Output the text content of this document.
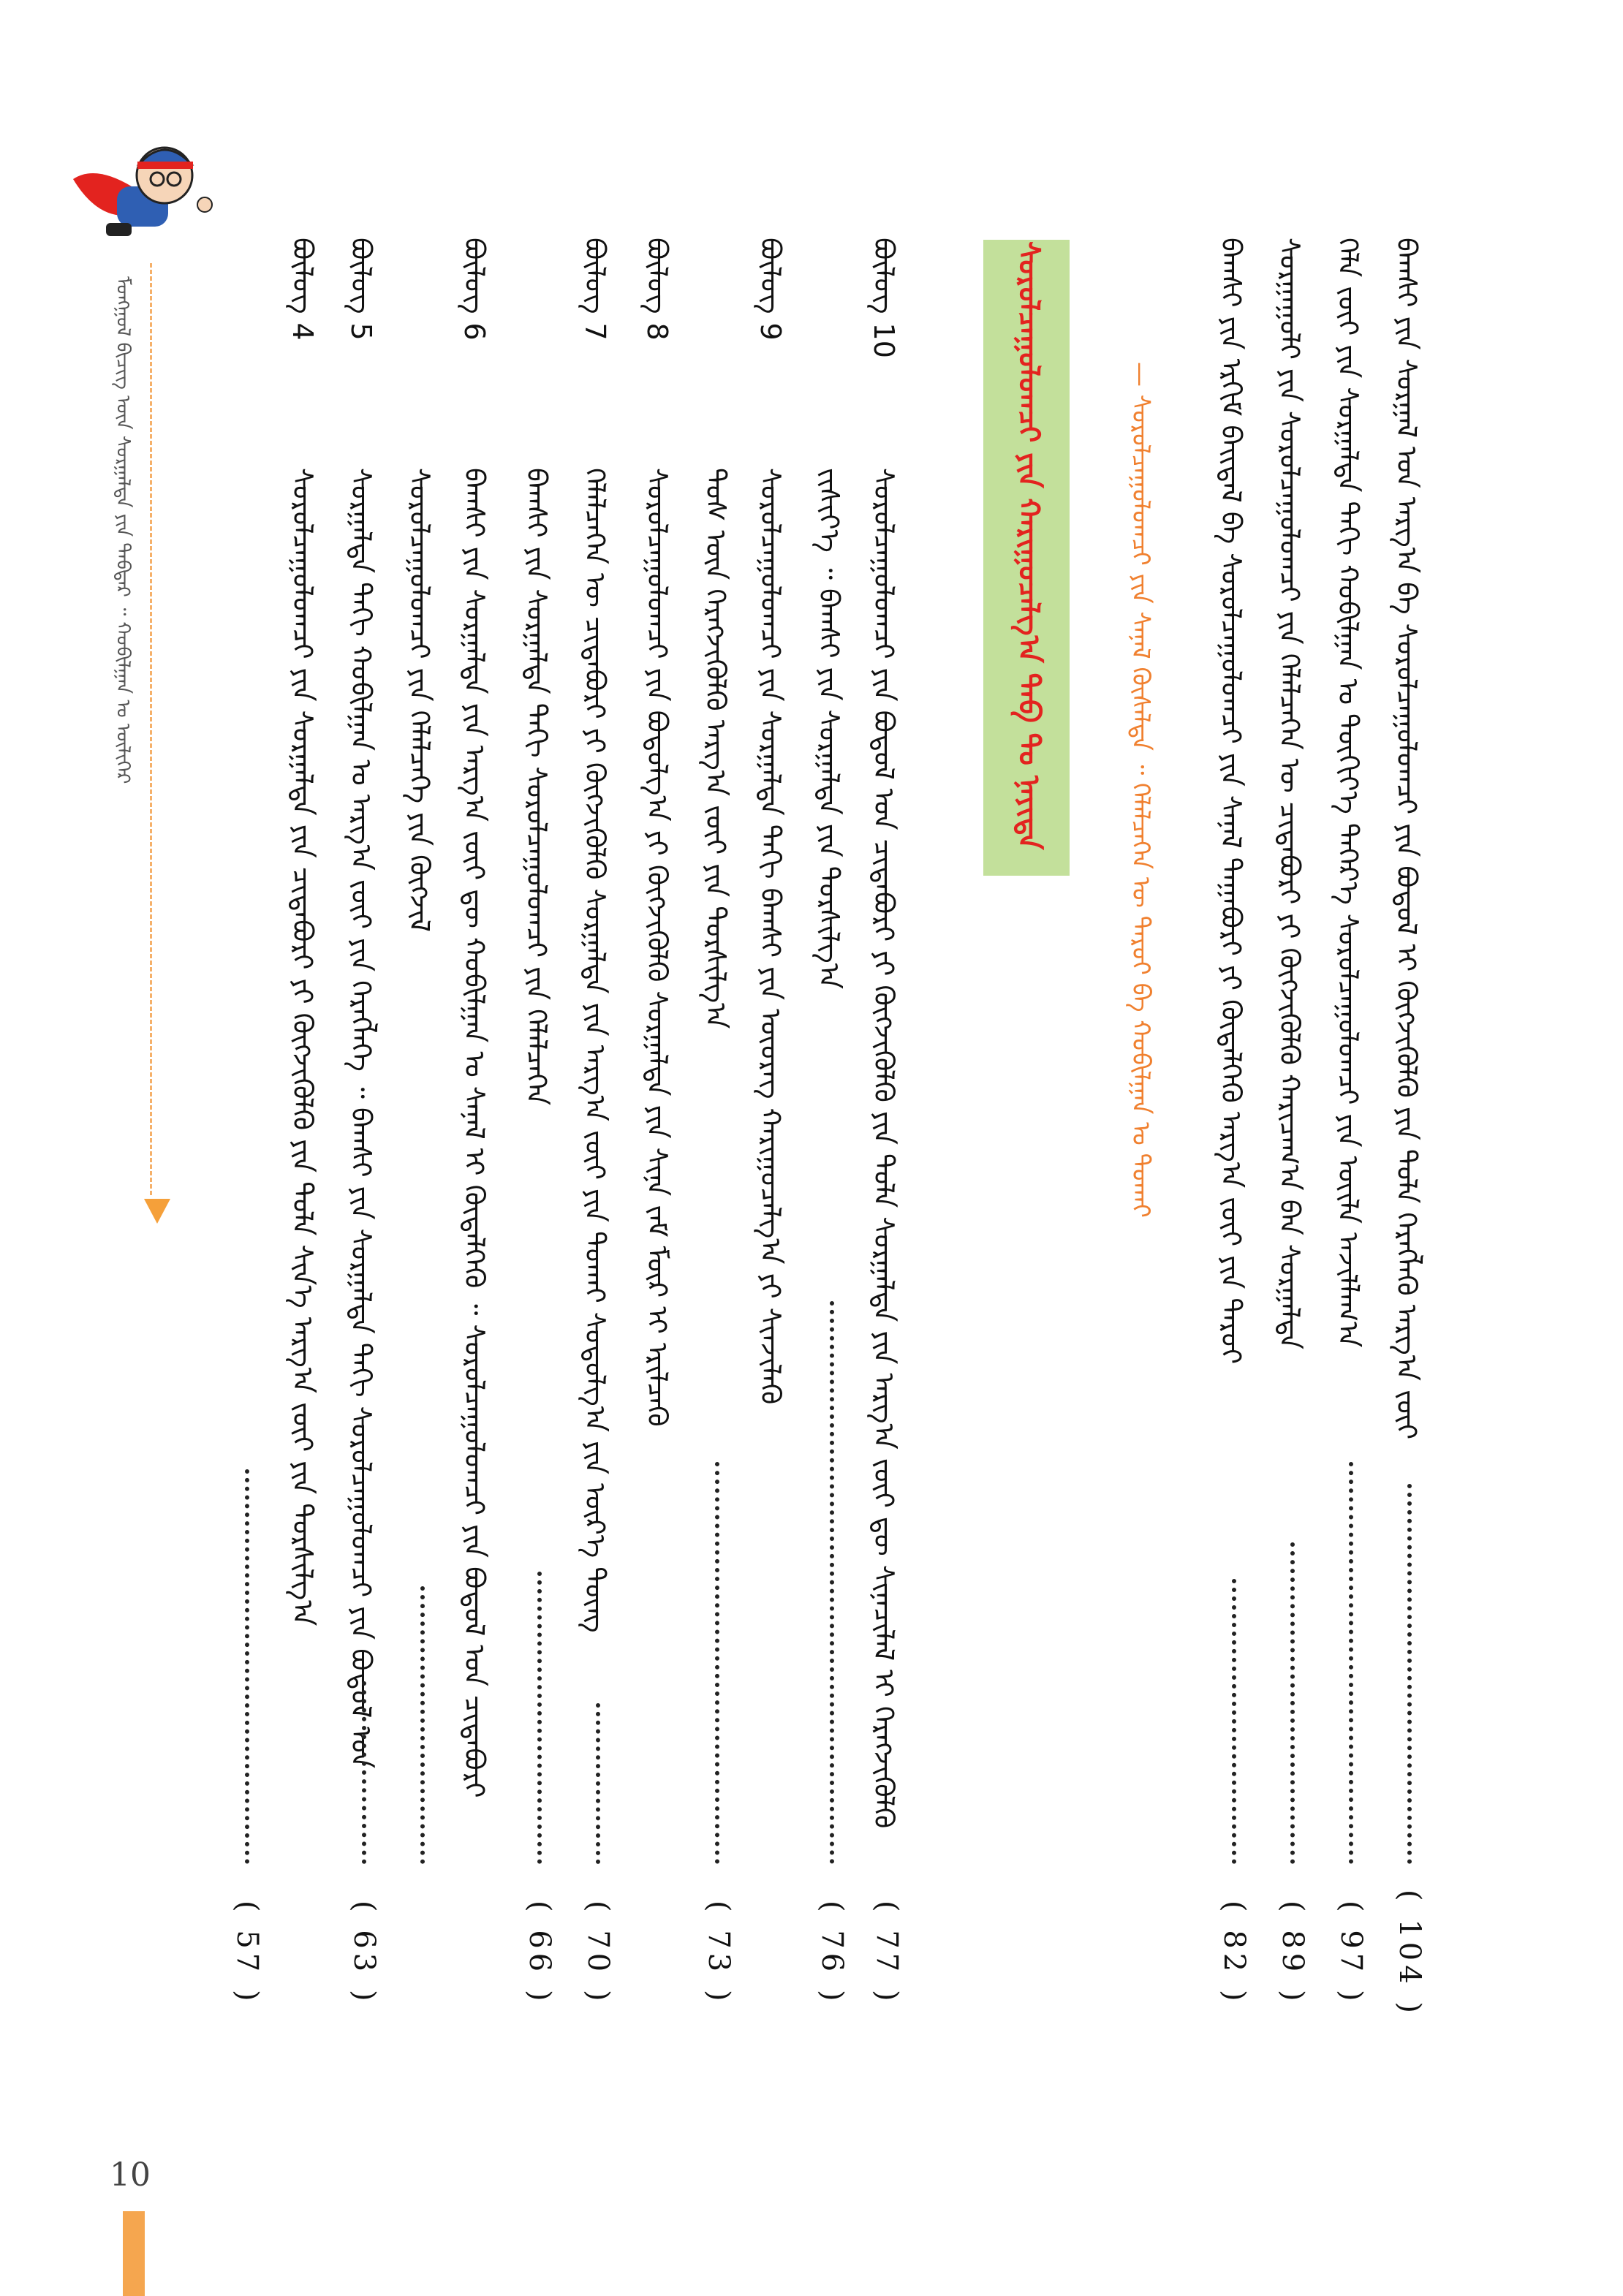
ᠮᠣᠩᠭᠣᠯ ᠪᠢᠴᠢᠭ᠌ ᠦᠨ ᠰᠤᠷᠭᠠᠯᠲᠠ ᠶᠢᠨ ᠳᠡᠪᠲᠡᠷ ᠃ ᠬᠤᠪᠢᠯᠭᠠᠨ ᠤ ᠦᠯᠢᠭᠡᠷ
10
ᠰᠤᠷᠤᠯᠴᠠᠭᠤᠯᠤᠭᠴᠢ ᠶᠢᠨ ᠬᠠᠷᠢᠭᠤᠴᠠᠯᠭ᠎ᠠ ᠲᠠᠪ ᠲᠤ ᠨᠡᠶᠢᠲᠡ	— ᠰᠤᠷᠤᠯᠴᠠᠭᠤᠯᠤᠭᠴᠢ ᠶᠢᠨ ᠰᠠᠨᠠᠯ ᠬᠦᠰᠡᠯᠲᠡ ᠃ ᠬᠡᠯᠡᠯᠴᠡᠭᠡᠨ ᠦ ᠳᠠᠷᠤᠢ ᠪᠠ ᠬᠤᠪᠢᠯᠭᠠᠨ ᠤ ᠲᠤᠬᠠᠢ	ᠪᠠᠭᠰᠢ ᠶᠢᠨ ᠰᠤᠷᠭᠠᠯ ᠤᠨ ᠠᠷᠭ᠎ᠠ ᠪᠠ ᠰᠤᠷᠤᠯᠴᠠᠭᠤᠯᠤᠭᠴᠢ ᠶᠢᠨ ᠪᠤᠳᠤᠯ ᠢ ᠬᠥᠭᠵᠢᠭᠦᠯᠬᠦ ᠶᠢᠨ ᠲᠤᠯᠠ ᠬᠡᠷᠡᠭᠯᠡᠬᠦ ᠠᠷᠭ᠎ᠠ ᠵᠦᠢ
( 104 )
ᠬᠡᠯᠡ ᠵᠦᠢ ᠶᠢᠨ ᠰᠤᠷᠭᠠᠯᠲᠠ ᠳᠠᠬᠢ ᠬᠤᠪᠢᠯᠭᠠᠨ ᠤ ᠲᠦᠬᠢᠶ᠎ᠡ ᠳᠡᠭᠡᠷ᠎ᠡ ᠰᠤᠷᠤᠯᠴᠠᠭᠤᠯᠤᠭᠴᠢ ᠶᠢᠨ ᠦᠢᠯᠡ ᠠᠵᠢᠯᠯᠠᠭ᠎ᠠ
( 97 )
ᠰᠤᠷᠭᠠᠭᠤᠯᠢ ᠶᠢᠨ ᠰᠤᠷᠤᠯᠴᠠᠭᠤᠯᠤᠭᠴᠢ ᠶᠢᠨ ᠬᠡᠯᠡᠯᠴᠡᠭᠡᠨ ᠦ ᠴᠢᠳᠠᠪᠤᠷᠢ ᠶᠢ ᠬᠥᠭᠵᠢᠭᠦᠯᠬᠦ ᠬᠠᠷᠢᠴᠠᠭ᠎ᠠ ᠪᠠᠨ ᠰᠤᠷᠭᠠᠯᠲᠠ
( 89 )
ᠪᠠᠭᠰᠢ ᠶᠢᠨ ᠡᠷᠬᠢᠮ ᠪᠠᠢᠳᠠᠯ ᠪᠠ ᠰᠤᠷᠤᠯᠴᠠᠭᠤᠯᠤᠭᠴᠢ ᠶᠢᠨ ᠰᠠᠨᠠᠯ ᠳᠠᠭᠠᠪᠤᠷᠢ ᠶᠢ ᠬᠥᠳᠡᠯᠭᠡᠬᠦ ᠠᠷᠭ᠎ᠠ ᠵᠦᠢ ᠶᠢᠨ ᠳᠠᠷᠤᠢ
( 82 )
ᠪᠦᠯᠦᠭ 10
ᠰᠤᠷᠤᠯᠴᠠᠭᠤᠯᠤᠭᠴᠢ ᠶᠢᠨ ᠪᠤᠳᠤᠯ ᠤᠨ ᠴᠢᠳᠠᠪᠤᠷᠢ ᠶᠢ ᠬᠥᠭᠵᠢᠭᠦᠯᠬᠦ ᠶᠢᠨ ᠲᠤᠯᠠ ᠰᠤᠷᠭᠠᠯᠲᠠ ᠶᠢᠨ ᠠᠷᠭ᠎ᠠ ᠵᠦᠢ ᠳᠦ ᠰᠢᠨᠡᠴᠢᠯᠡᠯ ᠢ ᠬᠡᠷᠡᠭᠵᠢᠭᠦᠯᠬᠦ
ᠵᠢᠱᠢᠶ᠎ᠡ ᠃ ᠪᠠᠭᠰᠢ ᠶᠢᠨ ᠰᠤᠷᠭᠠᠯᠲᠠ ᠶᠢᠨ ᠲᠤᠷᠰᠢᠯᠭ᠎ᠠ
( 77 )
( 76 )
ᠪᠦᠯᠦᠭ 9
ᠰᠤᠷᠤᠯᠴᠠᠭᠤᠯᠤᠭᠴᠢ ᠶᠢᠨ ᠰᠤᠷᠭᠠᠯᠲᠠ ᠳᠠᠬᠢ ᠪᠠᠭᠰᠢ ᠶᠢᠨ ᠦᠦᠷᠡᠭ ᠬᠠᠷᠢᠭᠤᠴᠠᠯᠭ᠎ᠠ ᠶᠢ ᠰᠢᠨᠵᠢᠯᠡᠬᠦ
ᠲᠤᠰ ᠦᠨ ᠬᠡᠷᠡᠭᠵᠢᠭᠦᠯᠬᠦ ᠠᠷᠭ᠎ᠠ ᠵᠦᠢ ᠶᠢᠨ ᠲᠤᠷᠰᠢᠯᠭ᠎ᠠ
ᠪᠦᠯᠦᠭ 8
ᠰᠤᠷᠤᠯᠴᠠᠭᠤᠯᠤᠭᠴᠢ ᠶᠢᠨ ᠪᠤᠳᠤᠯᠭ᠎ᠠ ᠶᠢ ᠬᠥᠭᠵᠢᠭᠦᠯᠬᠦ ᠰᠤᠷᠭᠠᠯᠲᠠ ᠶᠢᠨ ᠰᠢᠨᠡ ᠵᠠᠮ ᠮᠥᠷ ᠢ ᠡᠷᠢᠯᠴᠡᠬᠦ
( 73 )
ᠪᠦᠯᠦᠭ 7
ᠬᠡᠯᠡᠯᠴᠡᠭᠡᠨ ᠦ ᠴᠢᠳᠠᠪᠤᠷᠢ ᠶᠢ ᠬᠥᠭᠵᠢᠭᠦᠯᠬᠦ ᠰᠤᠷᠭᠠᠯᠲᠠ ᠶᠢᠨ ᠠᠷᠭ᠎ᠠ ᠵᠦᠢ ᠶᠢᠨ ᠲᠤᠬᠠᠢ ᠰᠤᠳᠤᠯᠭ᠎ᠠ ᠶᠢᠨ ᠦᠷ᠎ᠡ ᠳᠦᠩ
ᠪᠠᠭᠰᠢ ᠶᠢᠨ ᠰᠤᠷᠭᠠᠯᠲᠠ ᠳᠠᠬᠢ ᠰᠤᠷᠤᠯᠴᠠᠭᠤᠯᠤᠭᠴᠢ ᠶᠢᠨ ᠬᠡᠯᠡᠯᠴᠡᠭᠡᠨ
( 70 )
( 66 )
ᠪᠦᠯᠦᠭ 6
ᠪᠠᠭᠰᠢ ᠶᠢᠨ ᠰᠤᠷᠭᠠᠯᠲᠠ ᠶᠢᠨ ᠠᠷᠭ᠎ᠠ ᠵᠦᠢ ᠳᠦ ᠬᠤᠪᠢᠯᠭᠠᠨ ᠤ ᠰᠠᠨᠠᠯ ᠢ ᠬᠥᠳᠡᠯᠭᠡᠬᠦ ᠃ ᠰᠤᠷᠤᠯᠴᠠᠭᠤᠯᠤᠭᠴᠢ ᠶᠢᠨ ᠪᠤᠳᠤᠯ ᠤᠨ ᠴᠢᠳᠠᠪᠤᠷᠢ
ᠰᠤᠷᠤᠯᠴᠠᠭᠤᠯᠤᠭᠴᠢ ᠶᠢᠨ ᠬᠡᠯᠡᠯᠴᠡᠭᠡ ᠶᠢᠨ ᠬᠥᠭᠵᠢᠯ
ᠪᠦᠯᠦᠭ 5
ᠰᠤᠷᠭᠠᠯᠲᠠ ᠳᠠᠬᠢ ᠬᠤᠪᠢᠯᠭᠠᠨ ᠤ ᠠᠷᠭ᠎ᠠ ᠵᠦᠢ ᠶᠢᠨ ᠬᠡᠷᠡᠭᠯᠡᠭᠡ ᠃ ᠪᠠᠭᠰᠢ ᠶᠢᠨ ᠰᠤᠷᠭᠠᠯᠲᠠ ᠳᠠᠬᠢ ᠰᠤᠷᠤᠯᠴᠠᠭᠤᠯᠤᠭᠴᠢ ᠶᠢᠨ ᠪᠤᠳᠤᠯ ᠤᠨ
( 63 )
ᠪᠦᠯᠦᠭ 4
ᠰᠤᠷᠤᠯᠴᠠᠭᠤᠯᠤᠭᠴᠢ ᠶᠢᠨ ᠰᠤᠷᠭᠠᠯᠲᠠ ᠶᠢᠨ ᠴᠢᠳᠠᠪᠤᠷᠢ ᠶᠢ ᠬᠥᠭᠵᠢᠭᠦᠯᠬᠦ ᠶᠢᠨ ᠲᠤᠯᠠ ᠰᠢᠨ᠎ᠡ ᠠᠷᠭ᠎ᠠ ᠵᠦᠢ ᠶᠢᠨ ᠲᠤᠷᠰᠢᠯᠭ᠎ᠠ
( 57 )
